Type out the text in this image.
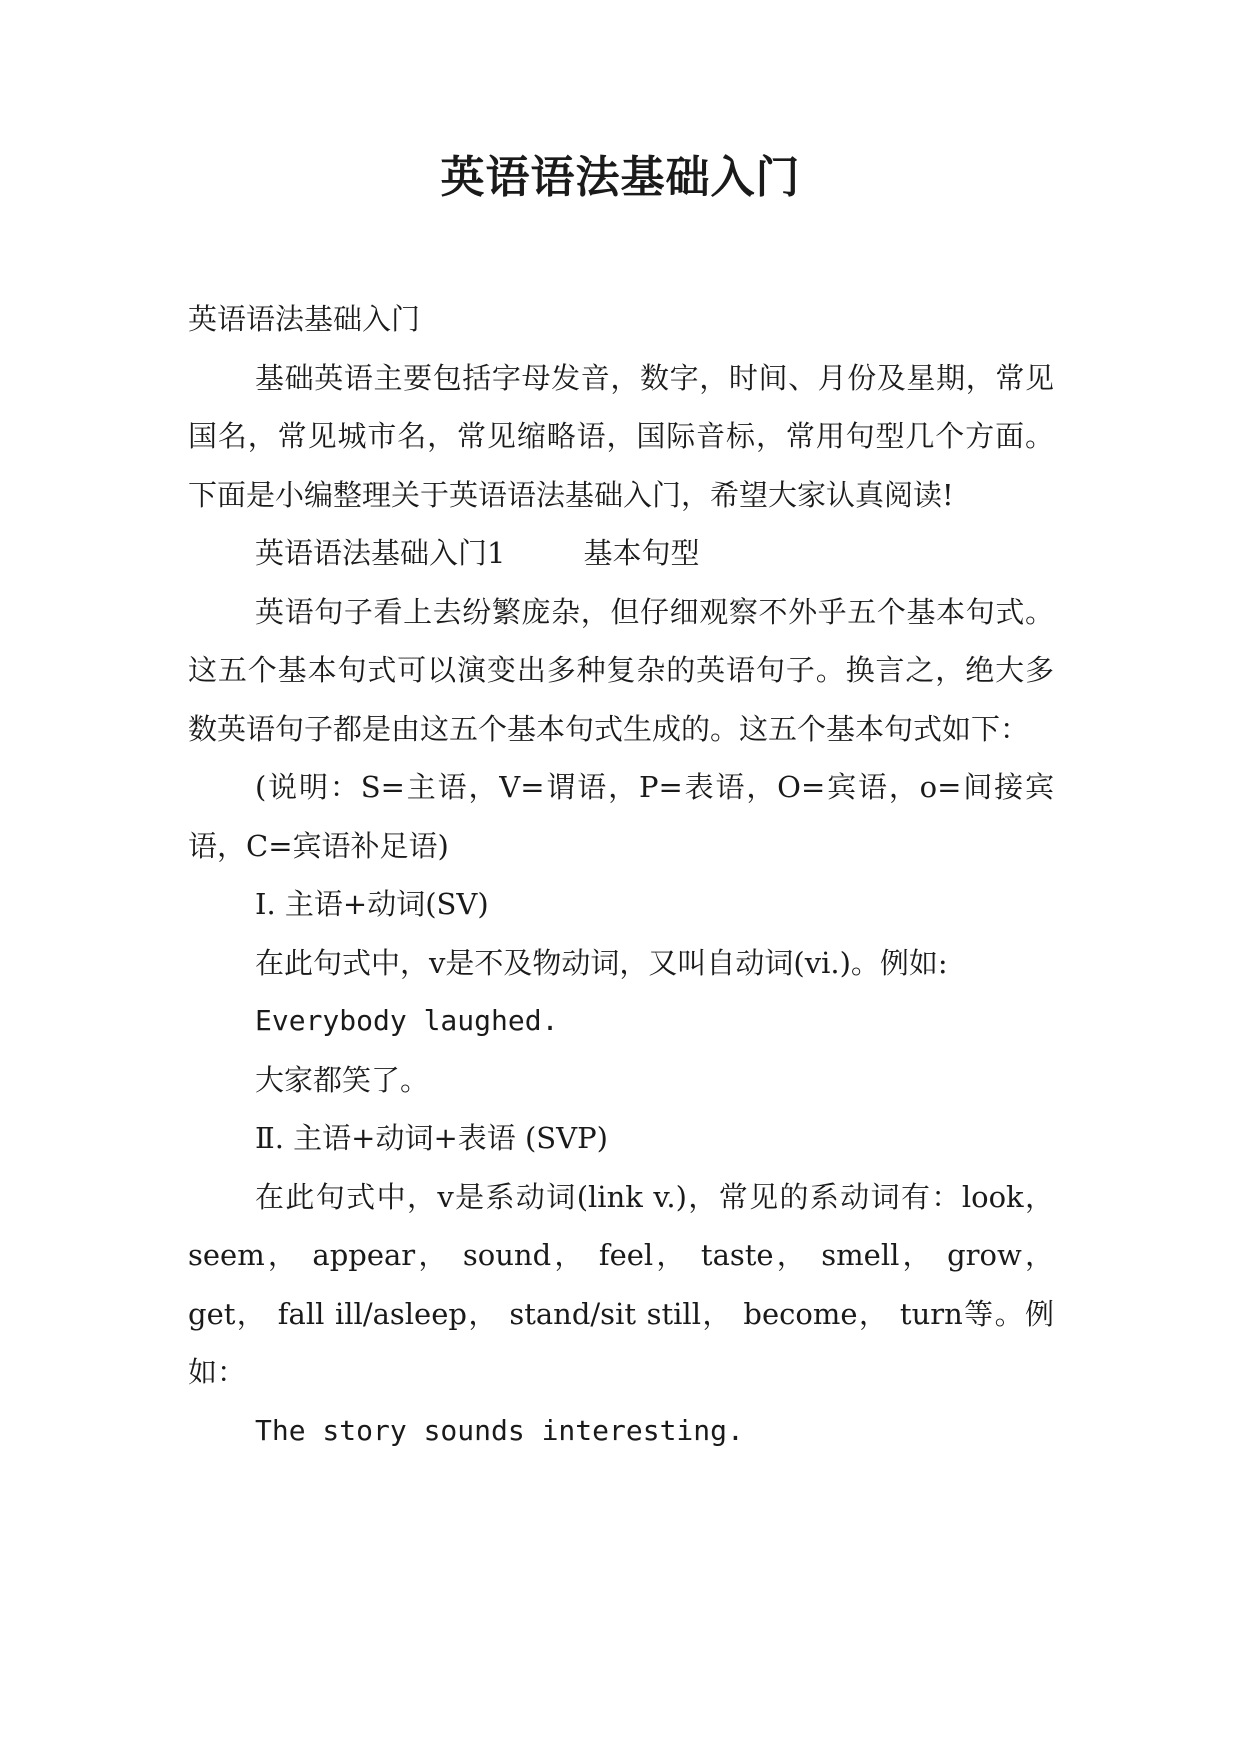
英语语法基础入门

英语语法基础入门

基础英语主要包括字母发音，数字，时间、月份及星期，常见国名，常见城市名，常见缩略语，国际音标，常用句型几个方面。下面是小编整理关于英语语法基础入门，希望大家认真阅读!

英语语法基础入门1	基本句型

英语句子看上去纷繁庞杂，但仔细观察不外乎五个基本句式。这五个基本句式可以演变出多种复杂的英语句子。换言之，绝大多数英语句子都是由这五个基本句式生成的。这五个基本句式如下：

(说明：S=主语，V=谓语，P=表语，O=宾语，o=间接宾语，C=宾语补足语)

Ⅰ. 主语+动词(SV)

在此句式中，v是不及物动词，又叫自动词(vi.)。例如:

Everybody laughed.

大家都笑了。

Ⅱ. 主语+动词+表语 (SVP)

在此句式中，v是系动词(link v.)，常见的系动词有：look， seem， appear， sound， feel， taste， smell， grow， get， fall ill/asleep， stand/sit still， become， turn等。例如：

The story sounds interesting.
